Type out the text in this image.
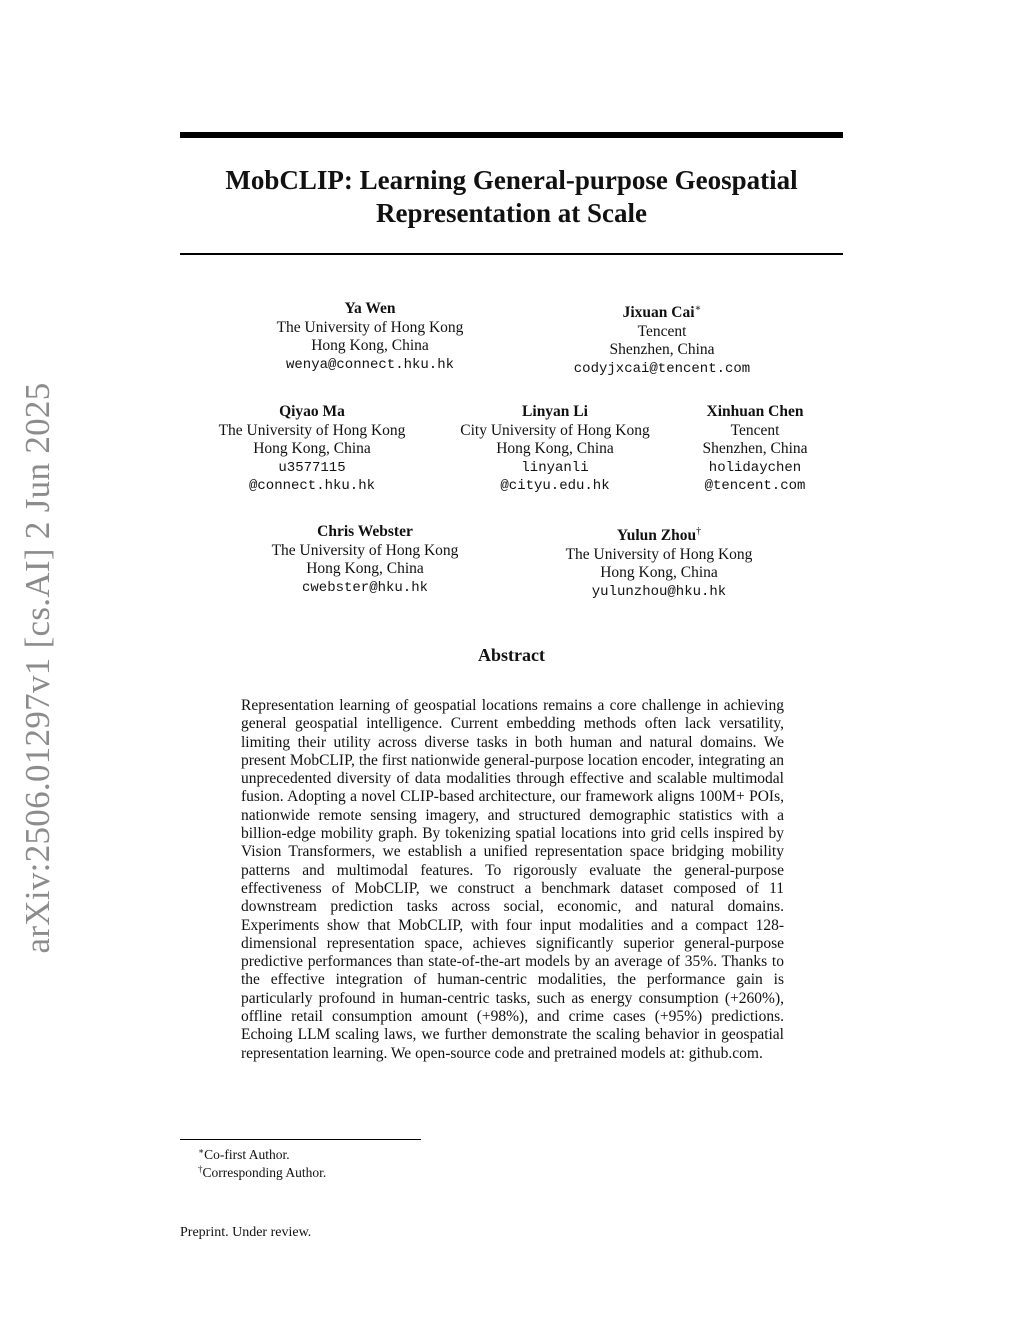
arXiv:2506.01297v1 [cs.AI] 2 Jun 2025
MobCLIP: Learning General-purpose Geospatial Representation at Scale
Ya Wen
The University of Hong Kong
Hong Kong, China
wenya@connect.hku.hk
Jixuan Cai∗
Tencent
Shenzhen, China
codyjxcai@tencent.com
Qiyao Ma
The University of Hong Kong
Hong Kong, China
u3577115
@connect.hku.hk
Linyan Li
City University of Hong Kong
Hong Kong, China
linyanli
@cityu.edu.hk
Xinhuan Chen
Tencent
Shenzhen, China
holidaychen
@tencent.com
Chris Webster
The University of Hong Kong
Hong Kong, China
cwebster@hku.hk
Yulun Zhou†
The University of Hong Kong
Hong Kong, China
yulunzhou@hku.hk
Abstract

Representation learning of geospatial locations remains a core challenge in achieving general geospatial intelligence. Current embedding methods often lack versatility, limiting their utility across diverse tasks in both human and natural domains. We present MobCLIP, the first nationwide general-purpose location encoder, integrating an unprecedented diversity of data modalities through effective and scalable multimodal fusion. Adopting a novel CLIP-based architecture, our framework aligns 100M+ POIs, nationwide remote sensing imagery, and structured demographic statistics with a billion-edge mobility graph. By tokenizing spatial locations into grid cells inspired by Vision Transformers, we establish a unified representation space bridging mobility patterns and multimodal features. To rigorously evaluate the general-purpose effectiveness of MobCLIP, we construct a benchmark dataset composed of 11 downstream prediction tasks across social, economic, and natural domains. Experiments show that MobCLIP, with four input modalities and a compact 128-dimensional representation space, achieves significantly superior general-purpose predictive performances than state-of-the-art models by an average of 35%. Thanks to the effective integration of human-centric modalities, the performance gain is particularly profound in human-centric tasks, such as energy consumption (+260%), offline retail consumption amount (+98%), and crime cases (+95%) predictions. Echoing LLM scaling laws, we further demonstrate the scaling behavior in geospatial representation learning. We open-source code and pretrained models at: github.com.

∗Co-first Author.
†Corresponding Author.
Preprint. Under review.
